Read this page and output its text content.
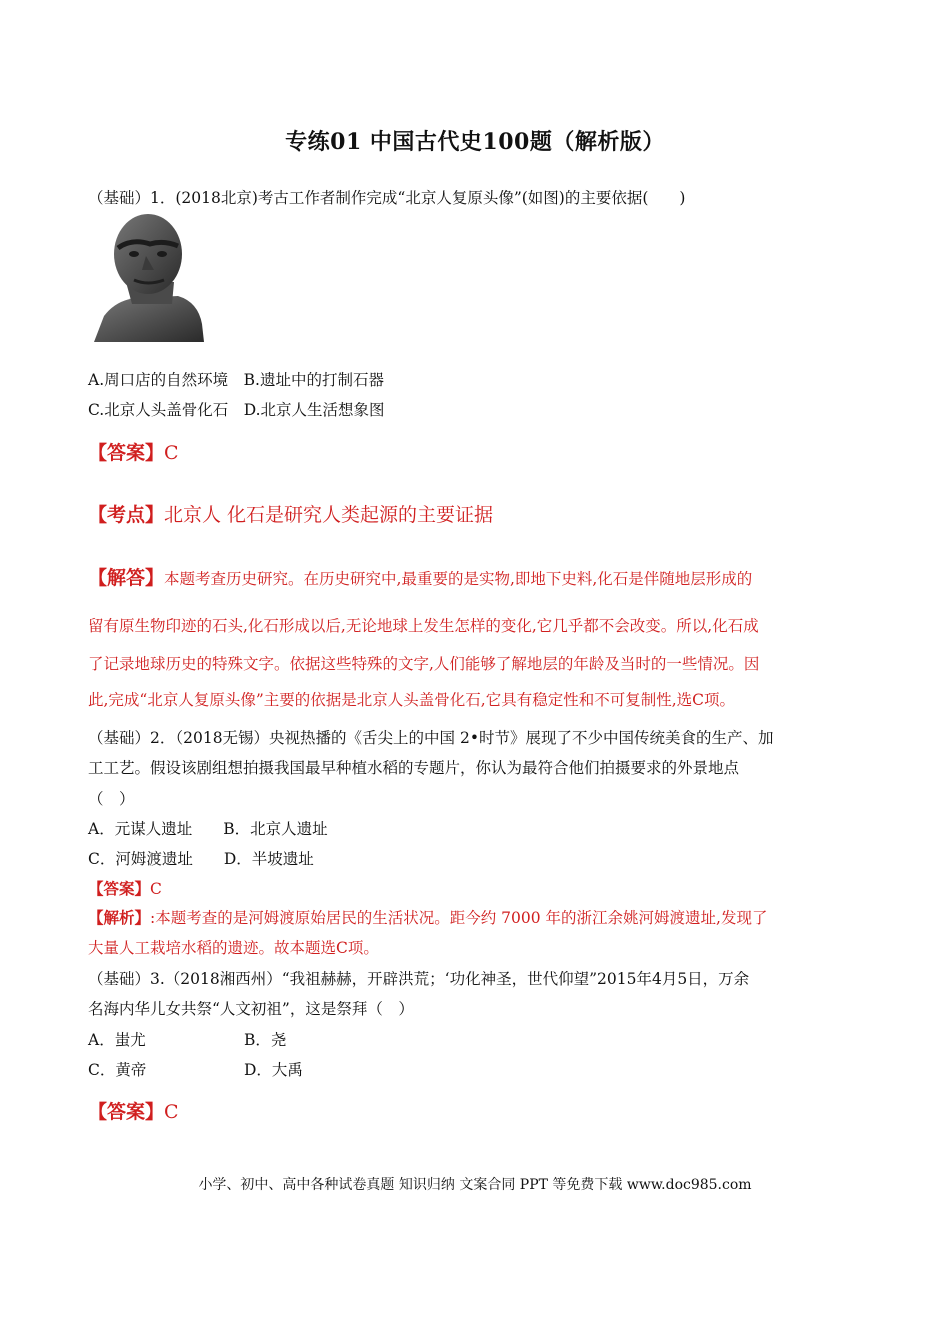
专练01 中国古代史100题（解析版）
（基础）1．(2018北京)考古工作者制作完成“北京人复原头像”(如图)的主要依据(　　)
A.周口店的自然环境　B.遗址中的打制石器
C.北京人头盖骨化石　D.北京人生活想象图
【答案】C
【考点】北京人 化石是研究人类起源的主要证据
【解答】本题考查历史研究。在历史研究中,最重要的是实物,即地下史料,化石是伴随地层形成的
留有原生物印迹的石头,化石形成以后,无论地球上发生怎样的变化,它几乎都不会改变。所以,化石成
了记录地球历史的特殊文字。依据这些特殊的文字,人们能够了解地层的年龄及当时的一些情况。因
此,完成“北京人复原头像”主要的依据是北京人头盖骨化石,它具有稳定性和不可复制性,选C项。
（基础）2．（2018无锡）央视热播的《舌尖上的中国 2•时节》展现了不少中国传统美食的生产、加
工工艺。假设该剧组想拍摄我国最早种植水稻的专题片，你认为最符合他们拍摄要求的外景地点
（　）
A．元谋人遗址　　B．北京人遗址
C．河姆渡遗址　　D．半坡遗址
【答案】C
【解析】:本题考查的是河姆渡原始居民的生活状况。距今约 7000 年的浙江余姚河姆渡遗址,发现了
大量人工栽培水稻的遗迹。故本题选C项。
（基础）3.（2018湘西州）“我祖赫赫，开辟洪荒；‘功化神圣，世代仰望”2015年4月5日，万余
名海内华儿女共祭“人文初祖”，这是祭拜（　）
A．蚩尤	B．尧
C．黄帝	D．大禹
【答案】C
小学、初中、高中各种试卷真题 知识归纳 文案合同 PPT 等免费下载 www.doc985.com
